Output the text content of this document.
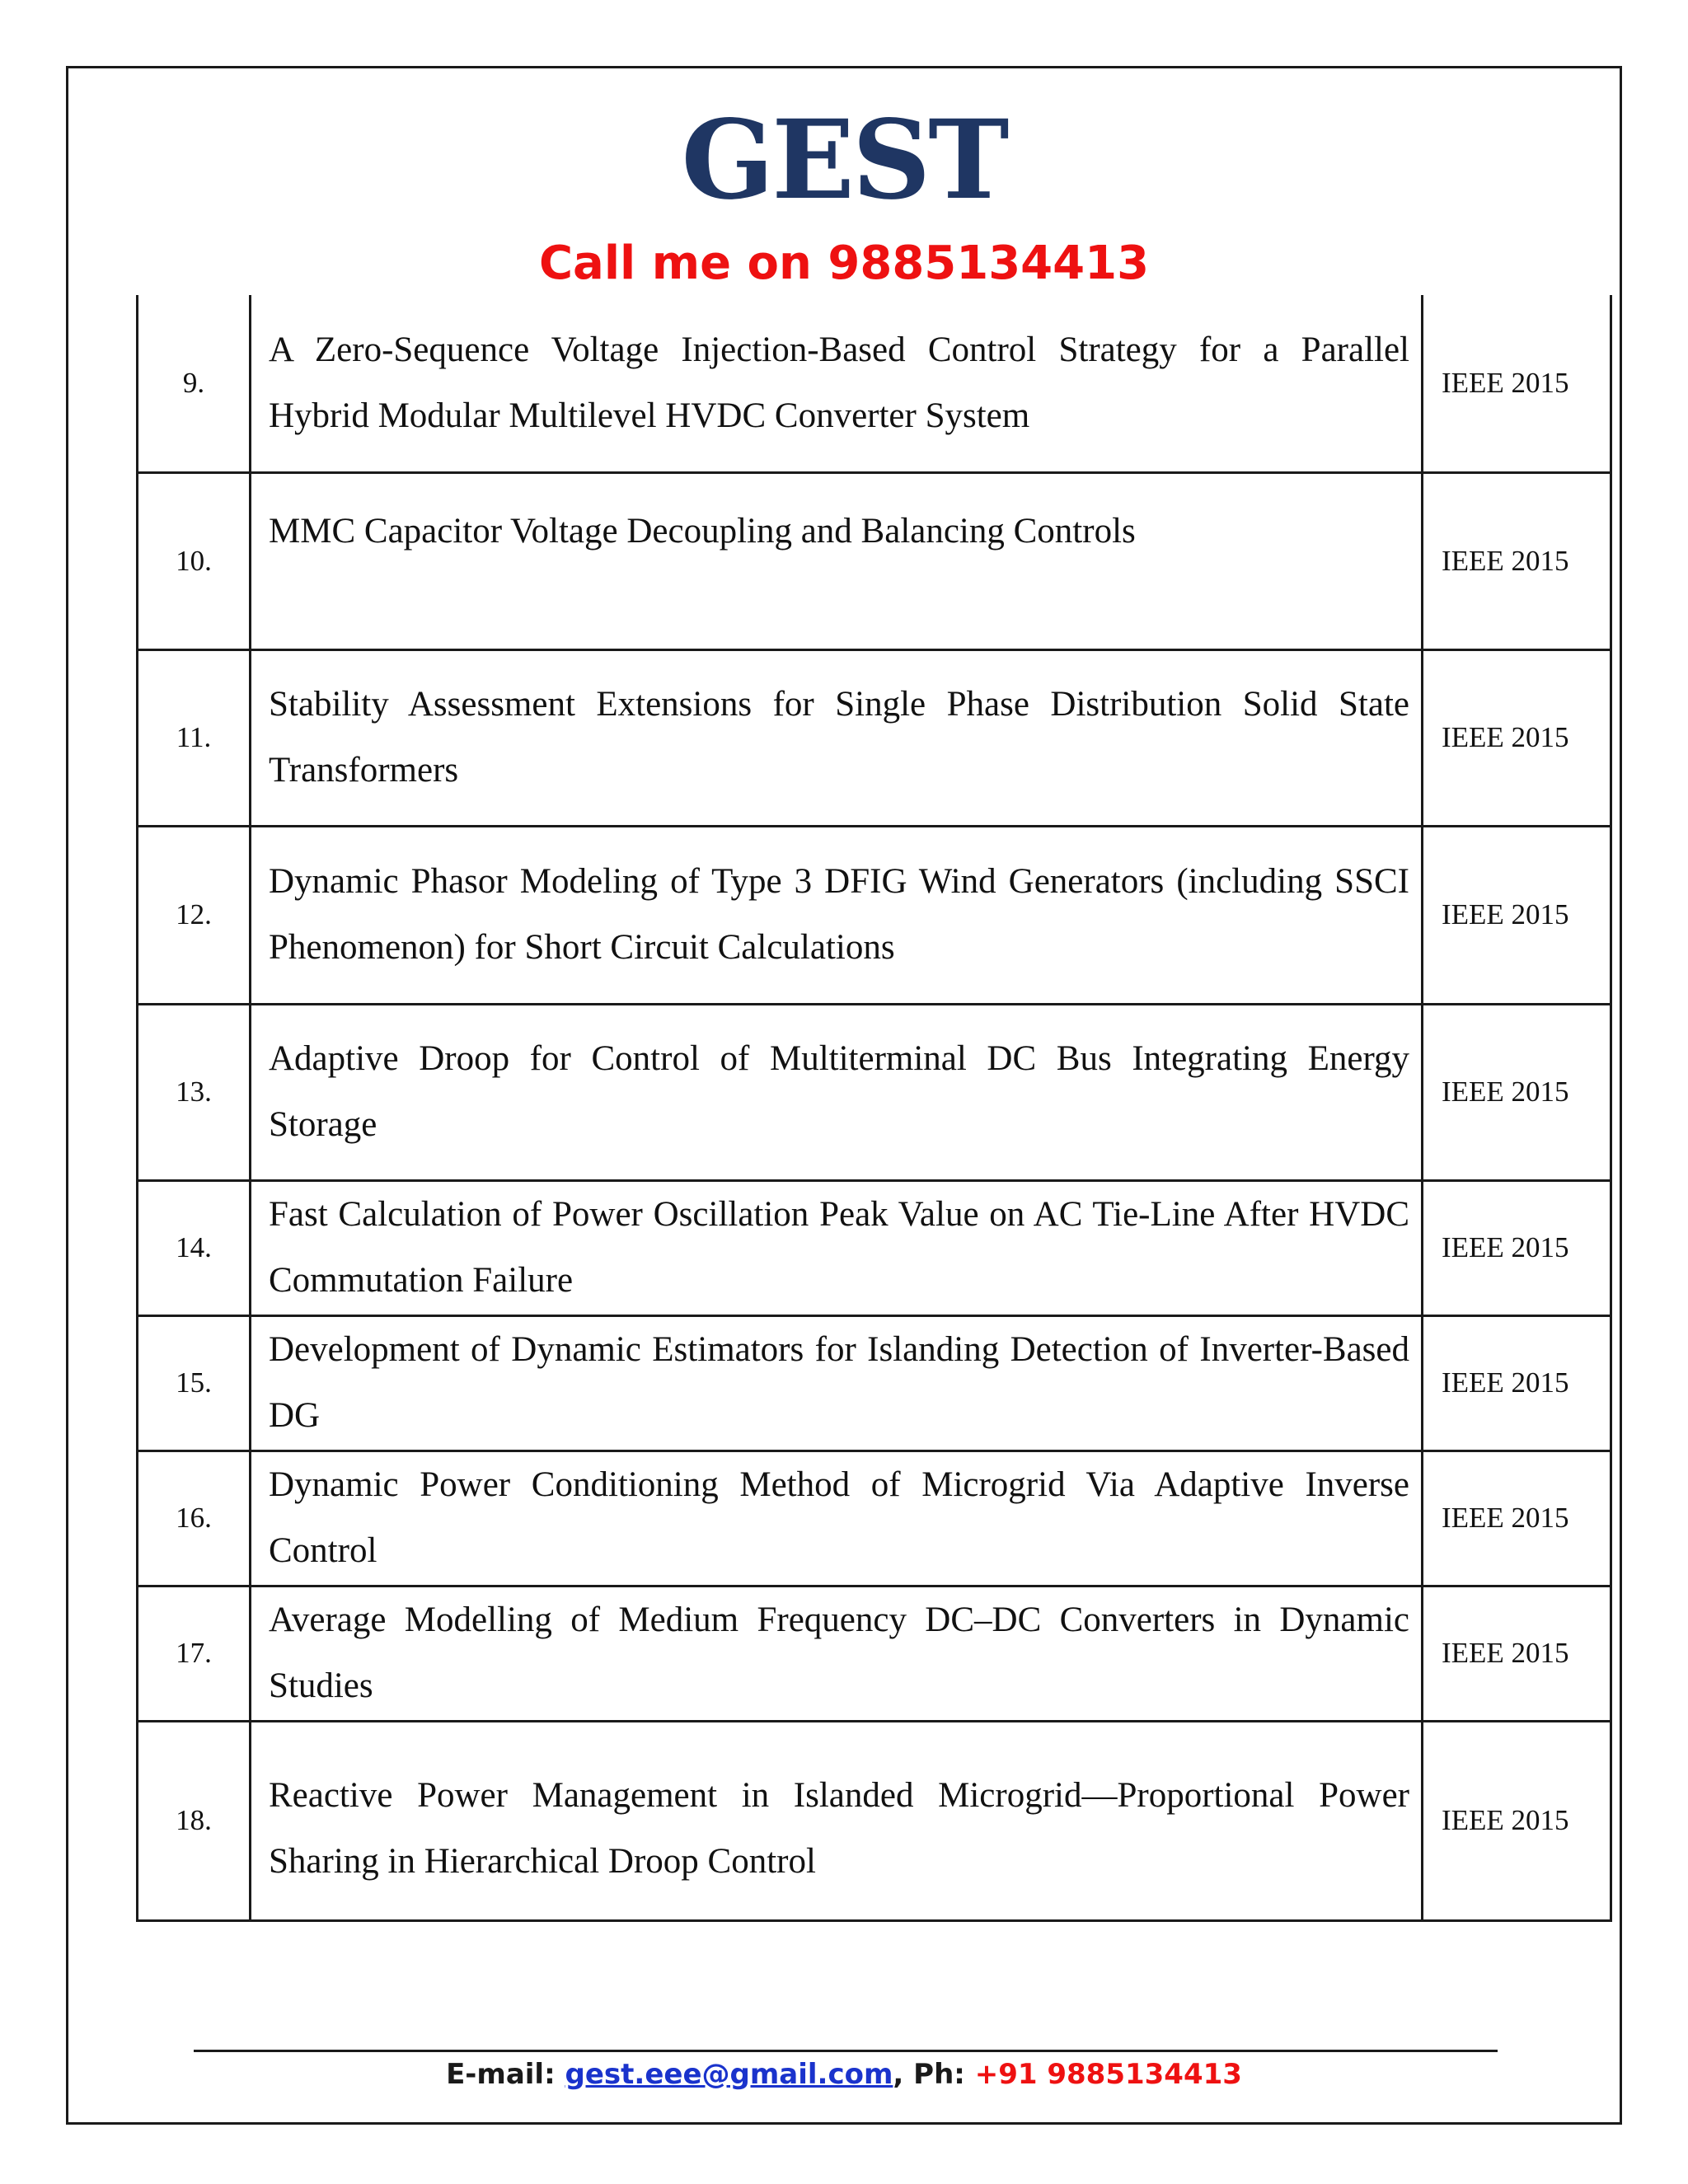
GEST
Call me on 9885134413
9.	A Zero-Sequence Voltage Injection-Based Control Strategy for a Parallel Hybrid Modular Multilevel HVDC Converter System	IEEE 2015
10.	MMC Capacitor Voltage Decoupling and Balancing Controls	IEEE 2015
11.	Stability Assessment Extensions for Single Phase Distribution Solid State Transformers	IEEE 2015
12.	Dynamic Phasor Modeling of Type 3 DFIG Wind Generators (including SSCI Phenomenon) for Short Circuit Calculations	IEEE 2015
13.	Adaptive Droop for Control of Multiterminal DC Bus Integrating Energy Storage	IEEE 2015
14.	Fast Calculation of Power Oscillation Peak Value on AC Tie-Line After HVDC Commutation Failure	IEEE 2015
15.	Development of Dynamic Estimators for Islanding Detection of Inverter-Based DG	IEEE 2015
16.	Dynamic Power Conditioning Method of Microgrid Via Adaptive Inverse Control	IEEE 2015
17.	Average Modelling of Medium Frequency DC–DC Converters in Dynamic Studies	IEEE 2015
18.	Reactive Power Management in Islanded Microgrid—Proportional Power Sharing in Hierarchical Droop Control	IEEE 2015
E-mail: gest.eee@gmail.com, Ph: +91 9885134413
